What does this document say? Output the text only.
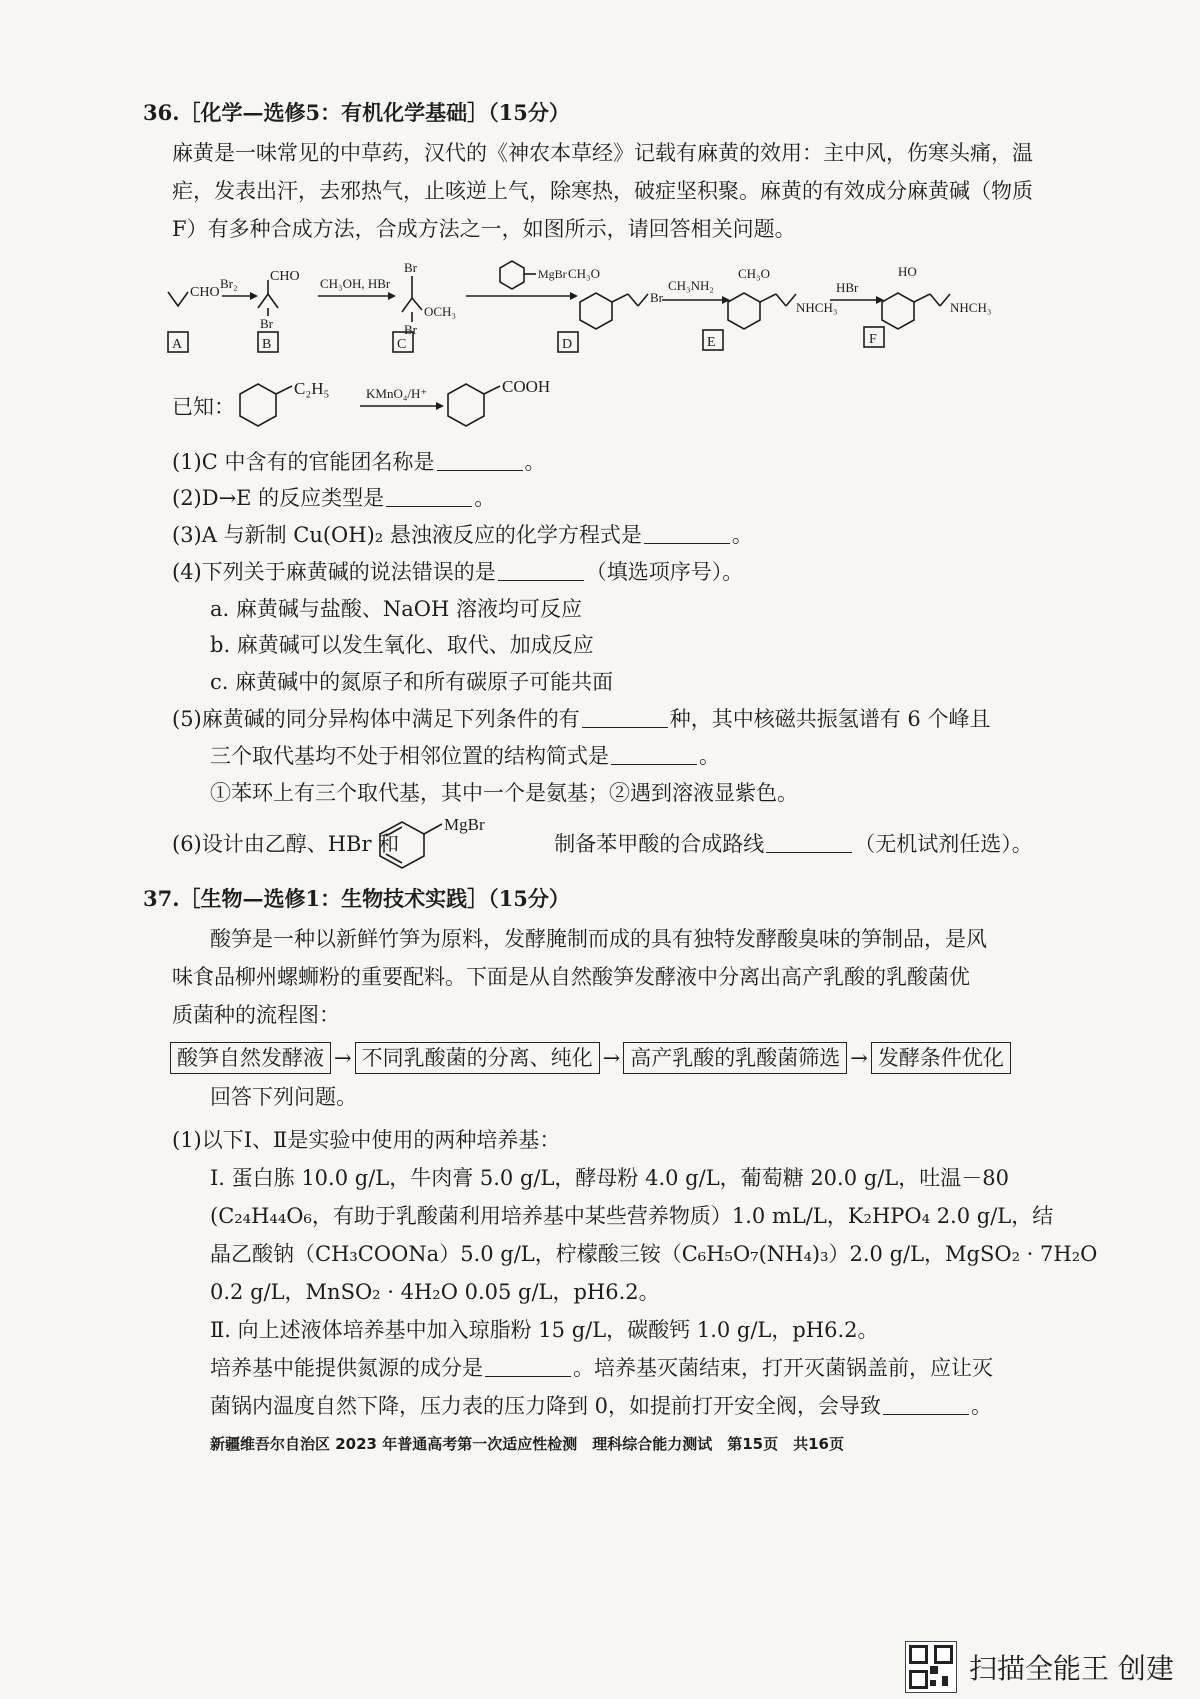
36.［化学—选修5：有机化学基础］（15分）
麻黄是一味常见的中草药，汉代的《神农本草经》记载有麻黄的效用：主中风，伤寒头痛，温
疟，发表出汗，去邪热气，止咳逆上气，除寒热，破症坚积聚。麻黄的有效成分麻黄碱（物质
F）有多种合成方法，合成方法之一，如图所示，请回答相关问题。
CHO
Br₂ CHO
Br
CH₃OH, HBr
Br
OCH₃
Br
MgBr CH₃O
Br
CH₃NH₂
CH₃O
NHCH₃
HBr
HO
NHCH₃
A	B	C	D	E	F
已知：
C₂H₅	KMnO₄/H⁺	COOH
(1)C 中含有的官能团名称是	。
(2)D→E 的反应类型是	。
(3)A 与新制 Cu(OH)₂ 悬浊液反应的化学方程式是	。
(4)下列关于麻黄碱的说法错误的是	（填选项序号）。
a. 麻黄碱与盐酸、NaOH 溶液均可反应
b. 麻黄碱可以发生氧化、取代、加成反应
c. 麻黄碱中的氮原子和所有碳原子可能共面
(5)麻黄碱的同分异构体中满足下列条件的有	种，其中核磁共振氢谱有 6 个峰且
三个取代基均不处于相邻位置的结构简式是	。
①苯环上有三个取代基，其中一个是氨基；②遇到溶液显紫色。
(6)设计由乙醇、HBr 和	制备苯甲酸的合成路线	（无机试剂任选）。
MgBr
37.［生物—选修1：生物技术实践］（15分）
酸笋是一种以新鲜竹笋为原料，发酵腌制而成的具有独特发酵酸臭味的笋制品，是风
味食品柳州螺蛳粉的重要配料。下面是从自然酸笋发酵液中分离出高产乳酸的乳酸菌优
质菌种的流程图：
酸笋自然发酵液 → 不同乳酸菌的分离、纯化 → 高产乳酸的乳酸菌筛选 → 发酵条件优化
回答下列问题。
(1)以下Ⅰ、Ⅱ是实验中使用的两种培养基：
Ⅰ. 蛋白胨 10.0 g/L，牛肉膏 5.0 g/L，酵母粉 4.0 g/L，葡萄糖 20.0 g/L，吐温－80
(C₂₄H₄₄O₆，有助于乳酸菌利用培养基中某些营养物质）1.0 mL/L，K₂HPO₄ 2.0 g/L，结
晶乙酸钠（CH₃COONa）5.0 g/L，柠檬酸三铵（C₆H₅O₇(NH₄)₃）2.0 g/L，MgSO₂ · 7H₂O
0.2 g/L，MnSO₂ · 4H₂O 0.05 g/L，pH6.2。
Ⅱ. 向上述液体培养基中加入琼脂粉 15 g/L，碳酸钙 1.0 g/L，pH6.2。
培养基中能提供氮源的成分是	。培养基灭菌结束，打开灭菌锅盖前，应让灭
菌锅内温度自然下降，压力表的压力降到 0，如提前打开安全阀，会导致	。
新疆维吾尔自治区 2023 年普通高考第一次适应性检测　理科综合能力测试　第15页　共16页
扫描全能王 创建
